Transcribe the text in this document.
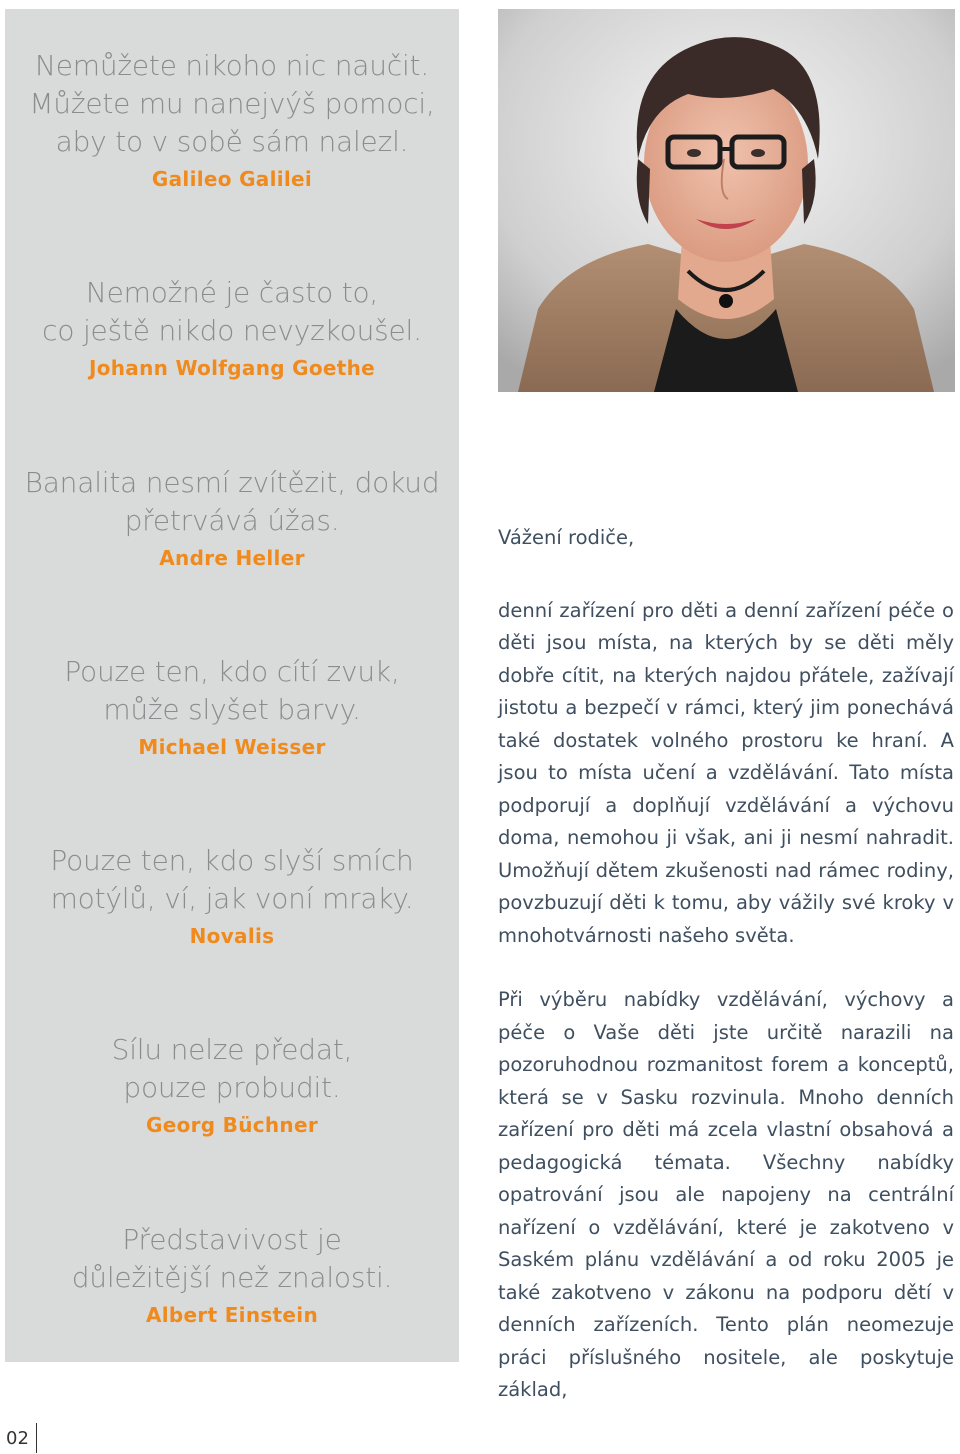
Nemůžete nikoho nic naučit.
Můžete mu nanejvýš pomoci,
aby to v sobě sám nalezl.
Galileo Galilei
Nemožné je často to,
co ještě nikdo nevyzkoušel.
Johann Wolfgang Goethe
Banalita nesmí zvítězit, dokud
přetrvává úžas.
Andre Heller
Pouze ten, kdo cítí zvuk,
může slyšet barvy.
Michael Weisser
Pouze ten, kdo slyší smích
motýlů, ví, jak voní mraky.
Novalis
Sílu nelze předat,
pouze probudit.
Georg Büchner
Představivost je
důležitější než znalosti.
Albert Einstein

Vážení rodiče,

denní zařízení pro děti a denní zařízení péče o děti jsou místa, na kterých by se děti měly dobře cítit, na kterých najdou přátele, zažívají jistotu a bezpečí v rámci, který jim ponechává také dostatek volného prostoru ke hraní. A jsou to místa učení a vzdělávání. Tato místa podporují a doplňují vzdělávání a výchovu doma, nemohou ji však, ani ji nesmí nahradit. Umožňují dětem zkušenosti nad rámec rodiny, povzbuzují děti k tomu, aby vážily své kroky v mnohotvárnosti našeho světa.

Při výběru nabídky vzdělávání, výchovy a péče o Vaše děti jste určitě narazili na pozoruhodnou rozmanitost forem a konceptů, která se v Sasku rozvinula. Mnoho denních zařízení pro děti má zcela vlastní obsahová a pedagogická témata. Všechny nabídky opatrování jsou ale napojeny na centrální nařízení o vzdělávání, které je zakotveno v Saském plánu vzdělávání a od roku 2005 je také zakotveno v zákonu na podporu dětí v denních zařízeních. Tento plán neomezuje práci příslušného nositele, ale poskytuje základ,

02
